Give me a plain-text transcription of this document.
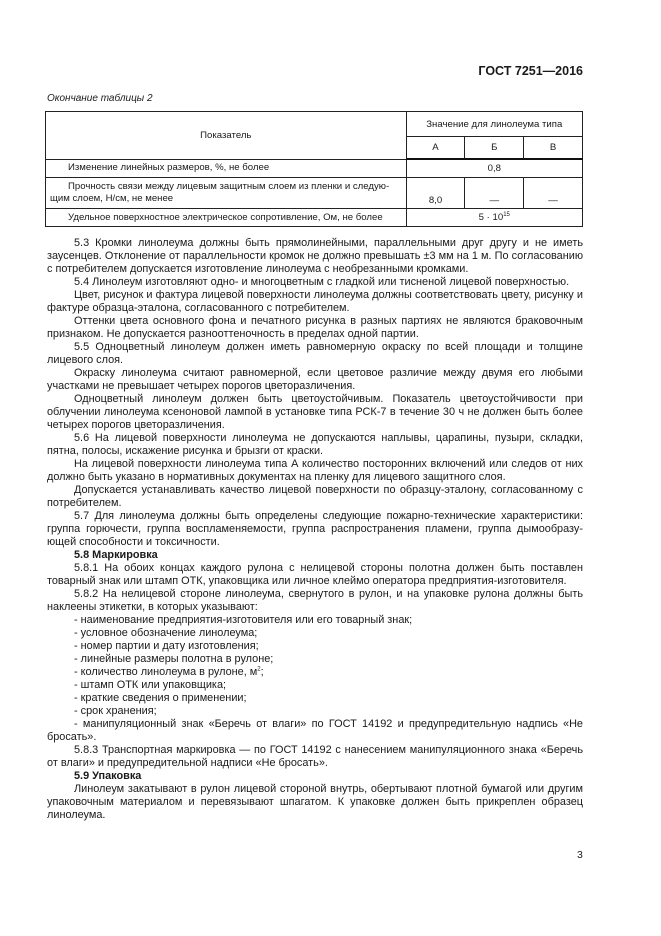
ГОСТ 7251—2016
Окончание таблицы 2
Показатель	Значение для линолеума типа		
	А	Б	В
Изменение линейных размеров, %, не более	0,8		
Прочность связи между лицевым защитным слоем из пленки и следую-щим слоем, Н/см, не менее	8,0	—	—
Удельное поверхностное электрическое сопротивление, Ом, не более	$5 \cdot 10^{15}$

5.3 Кромки линолеума должны быть прямолинейными, параллельными друг другу и не иметь заусенцев. Отклонение от параллельности кромок не должно превышать ±3 мм на 1 м. По согласованию с потребителем допускается изготовление линолеума с необрезанными кромками.

5.4 Линолеум изготовляют одно- и многоцветным с гладкой или тисненой лицевой поверхностью.

Цвет, рисунок и фактура лицевой поверхности линолеума должны соответствовать цвету, рисунку и фактуре образца-эталона, согласованного с потребителем.

Оттенки цвета основного фона и печатного рисунка в разных партиях не являются браковочным признаком. Не допускается разнооттеночность в пределах одной партии.

5.5 Одноцветный линолеум должен иметь равномерную окраску по всей площади и толщине лицевого слоя.

Окраску линолеума считают равномерной, если цветовое различие между двумя его любыми участками не превышает четырех порогов цветоразличения.

Одноцветный линолеум должен быть цветоустойчивым. Показатель цветоустойчивости при облучении линолеума ксеноновой лампой в установке типа РСК-7 в течение 30 ч не должен быть более четырех порогов цветоразличения.

5.6 На лицевой поверхности линолеума не допускаются наплывы, царапины, пузыри, складки, пятна, полосы, искажение рисунка и брызги от краски.

На лицевой поверхности линолеума типа А количество посторонних включений или следов от них должно быть указано в нормативных документах на пленку для лицевого защитного слоя.

Допускается устанавливать качество лицевой поверхности по образцу-эталону, согласованному с потребителем.

5.7 Для линолеума должны быть определены следующие пожарно-технические характеристики: группа горючести, группа воспламеняемости, группа распространения пламени, группа дымообразу-ющей способности и токсичности.

5.8 Маркировка

5.8.1 На обоих концах каждого рулона с нелицевой стороны полотна должен быть поставлен товарный знак или штамп ОТК, упаковщика или личное клеймо оператора предприятия-изготовителя.

5.8.2 На нелицевой стороне линолеума, свернутого в рулон, и на упаковке рулона должны быть наклеены этикетки, в которых указывают:

- наименование предприятия-изготовителя или его товарный знак;

- условное обозначение линолеума;

- номер партии и дату изготовления;

- линейные размеры полотна в рулоне;

- количество линолеума в рулоне, $м^2$;

- штамп ОТК или упаковщика;

- краткие сведения о применении;

- срок хранения;

- манипуляционный знак «Беречь от влаги» по ГОСТ 14192 и предупредительную надпись «Не бросать».

5.8.3 Транспортная маркировка — по ГОСТ 14192 с нанесением манипуляционного знака «Беречь от влаги» и предупредительной надписи «Не бросать».

5.9 Упаковка

Линолеум закатывают в рулон лицевой стороной внутрь, обертывают плотной бумагой или другим упаковочным материалом и перевязывают шпагатом. К упаковке должен быть прикреплен образец линолеума.

3
